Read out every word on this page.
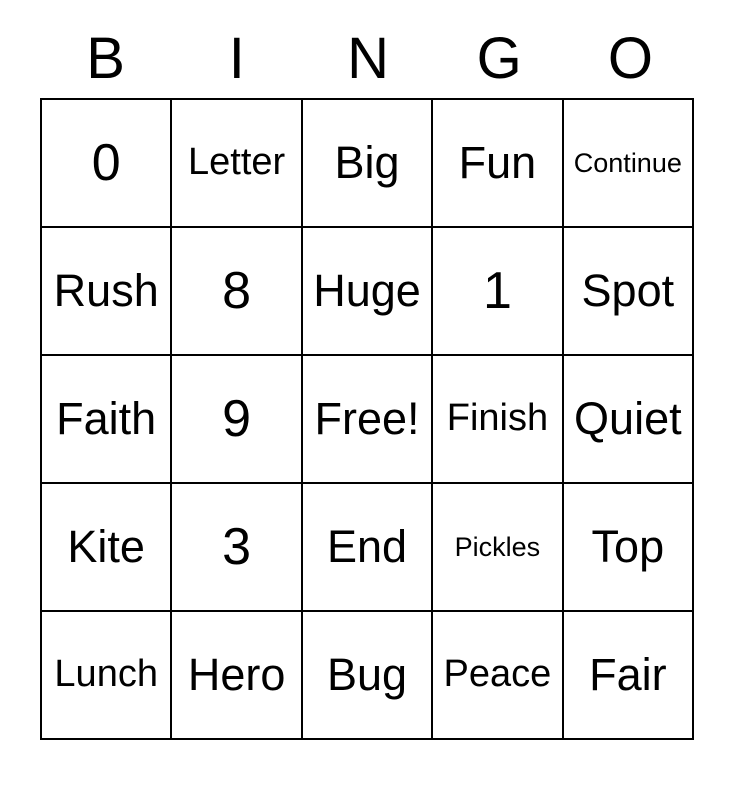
B	I	N	G	O
0 Letter Big Fun Continue
Rush 8 Huge 1 Spot
Faith 9 Free! Finish Quiet
Kite 3 End Pickles Top
Lunch Hero Bug Peace Fair
